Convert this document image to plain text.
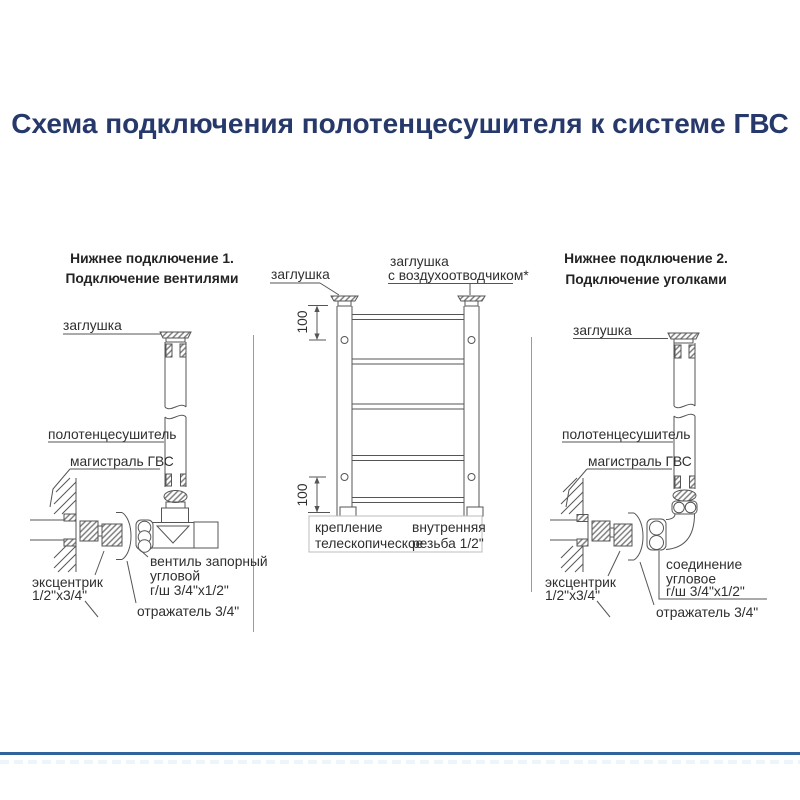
Схема подключения полотенцесушителя к системе ГВС
Нижнее подключение 1.
Подключение вентилями
заглушка
полотенцесушитель
магистраль ГВС
эксцентрик
1/2"x3/4"
вентиль запорный
угловой
г/ш 3/4"x1/2"
отражатель 3/4"
100
100
крепление
телескопическое
внутренняя
резьба 1/2"
заглушка
заглушка
с воздухоотводчиком*
Нижнее подключение 2.
Подключение уголками
заглушка
полотенцесушитель
магистраль ГВС
эксцентрик
1/2"x3/4"
соединение
угловое
г/ш 3/4"x1/2"
отражатель 3/4"
